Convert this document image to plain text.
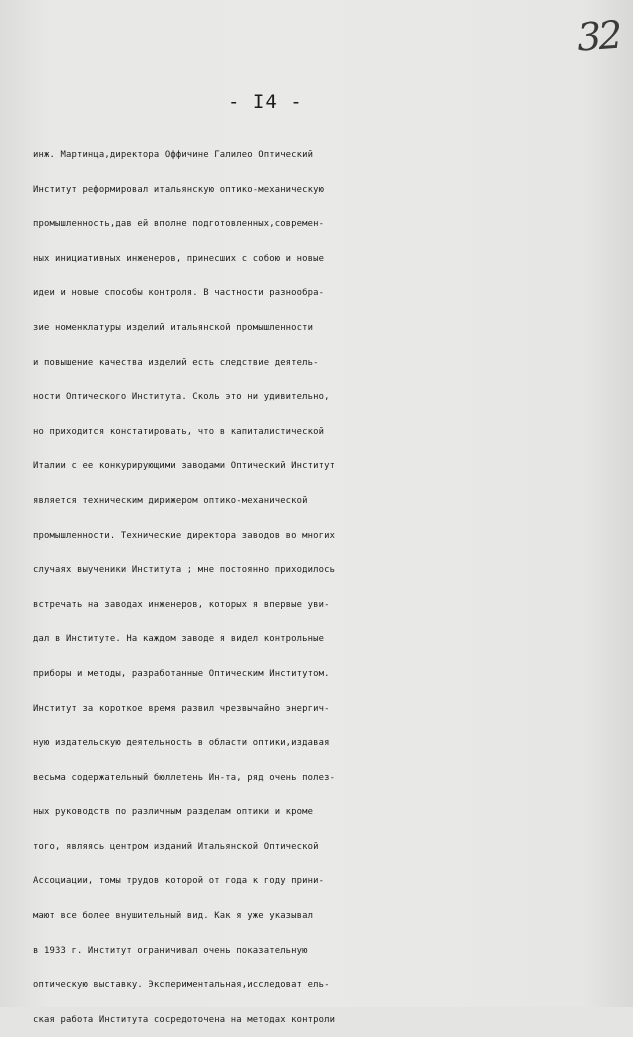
32
- I4 -
инж. Мартинца,директора Оффичине Галилео Оптический
Институт реформировал итальянскую оптико-механическую
промышленность,дав ей вполне подготовленных,современ-
ных инициативных инженеров, принесших с собою и новые
идеи и новые способы контроля. В частности разнообра-
зие номенклатуры изделий итальянской промышленности
и повышение качества изделий есть следствие деятель-
ности Оптического Института. Сколь это ни удивительно,
но приходится констатировать, что в капиталистической
Италии с ее конкурирующими заводами Оптический Институт
является техническим дирижером оптико-механической
промышленности. Технические директора заводов во многих
случаях выученики Института ; мне постоянно приходилось
встречать на заводах инженеров, которых я впервые уви-
дал в Институте. На каждом заводе я видел контрольные
приборы и методы, разработанные Оптическим Институтом.
Институт за короткое время развил чрезвычайно энергич-
ную издательскую деятельность в области оптики,издавая
весьма содержательный бюллетень Ин-та, ряд очень полез-
ных руководств по различным разделам оптики и кроме
того, являясь центром изданий Итальянской Оптической
Ассоциации, томы трудов которой от года к году прини-
мают все более внушительный вид. Как я уже указывал
в 1933 г. Институт ограничивал очень показательную
оптическую выставку. Экспериментальная,исследоват ель-
ская работа Института сосредоточена на методах контроли
